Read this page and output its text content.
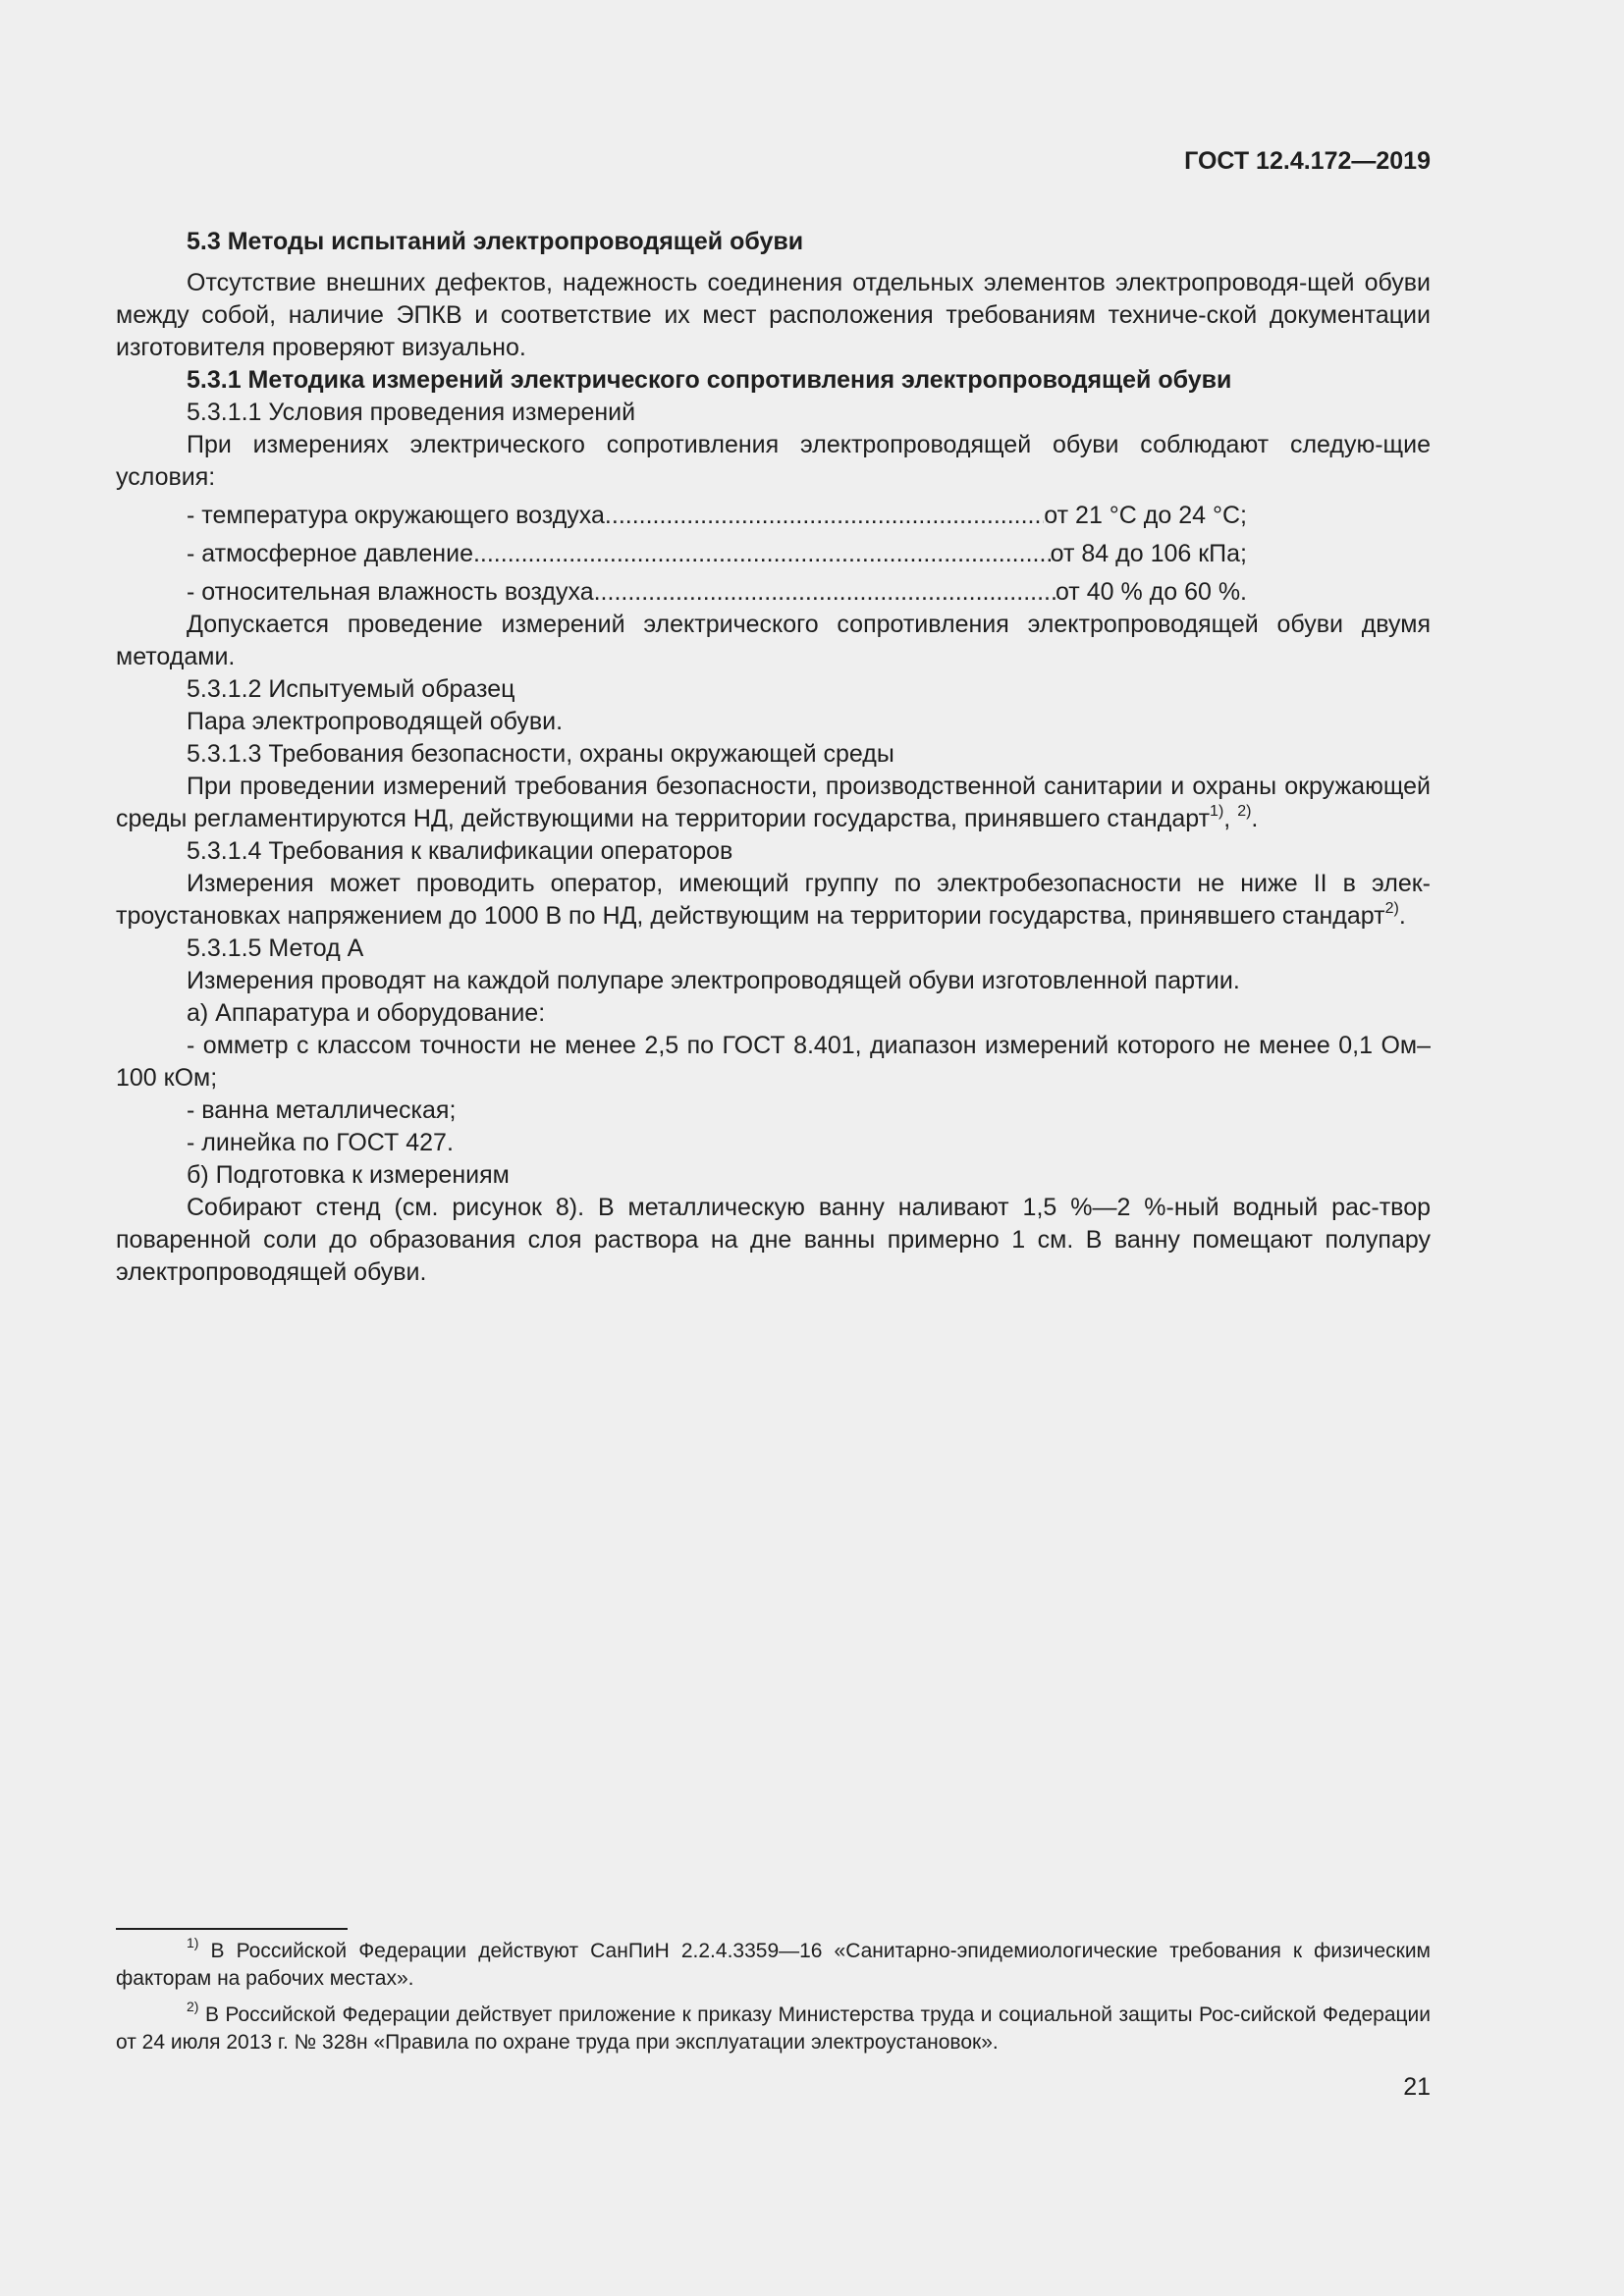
ГОСТ 12.4.172—2019

5.3 Методы испытаний электропроводящей обуви

Отсутствие внешних дефектов, надежность соединения отдельных элементов электропроводя-щей обуви между собой, наличие ЭПКВ и соответствие их мест расположения требованиям техниче-ской документации изготовителя проверяют визуально.

5.3.1 Методика измерений электрического сопротивления электропроводящей обуви

5.3.1.1 Условия проведения измерений

При измерениях электрического сопротивления электропроводящей обуви соблюдают следую-щие условия:

- температура окружающего воздуха .....	от 21 °С до 24 °С;
- атмосферное давление .....	от 84 до 106 кПа;
- относительная влажность воздуха .....	от 40 % до 60 %.

Допускается проведение измерений электрического сопротивления электропроводящей обуви двумя методами.

5.3.1.2 Испытуемый образец

Пара электропроводящей обуви.

5.3.1.3 Требования безопасности, охраны окружающей среды

При проведении измерений требования безопасности, производственной санитарии и охраны окружающей среды регламентируются НД, действующими на территории государства, принявшего стандарт$^{1)}$, $^{2)}$.

5.3.1.4 Требования к квалификации операторов

Измерения может проводить оператор, имеющий группу по электробезопасности не ниже II в элек-троустановках напряжением до 1000 В по НД, действующим на территории государства, принявшего стандарт$^{2)}$.

5.3.1.5 Метод А

Измерения проводят на каждой полупаре электропроводящей обуви изготовленной партии.

а) Аппаратура и оборудование:

- омметр с классом точности не менее 2,5 по ГОСТ 8.401, диапазон измерений которого не менее 0,1 Ом–100 кОм;

- ванна металлическая;

- линейка по ГОСТ 427.

б) Подготовка к измерениям

Собирают стенд (см. рисунок 8). В металлическую ванну наливают 1,5 %—2 %-ный водный рас-твор поваренной соли до образования слоя раствора на дне ванны примерно 1 см. В ванну помещают полупару электропроводящей обуви.

$^{1)}$ В Российской Федерации действуют СанПиН 2.2.4.3359—16 «Санитарно-эпидемиологические требования к физическим факторам на рабочих местах».

$^{2)}$ В Российской Федерации действует приложение к приказу Министерства труда и социальной защиты Рос-сийской Федерации от 24 июля 2013 г. № 328н «Правила по охране труда при эксплуатации электроустановок».

21
